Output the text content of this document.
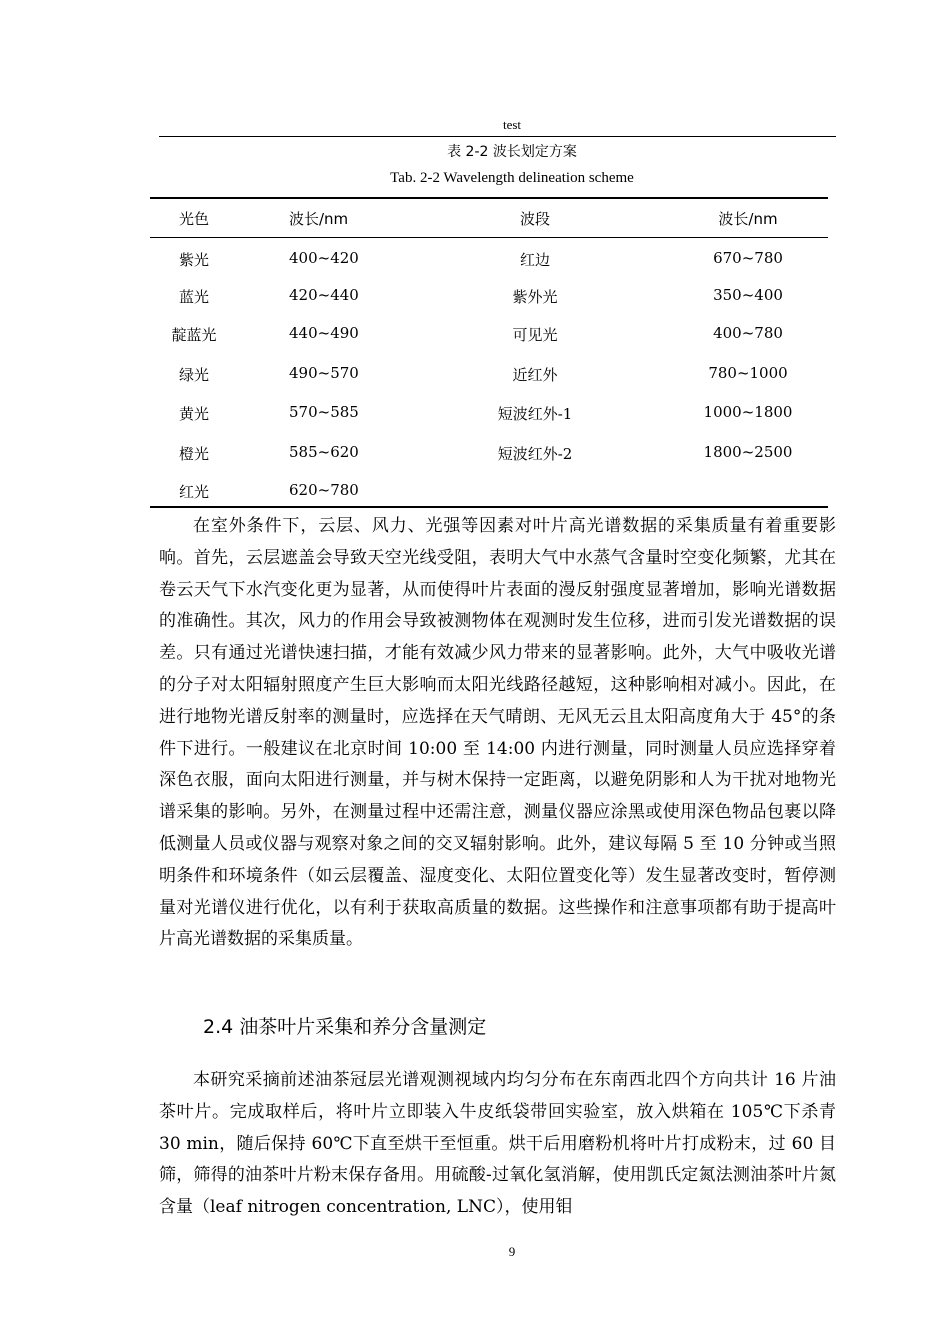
test
表 2-2 波长划定方案
Tab. 2-2 Wavelength delineation scheme
光色	波长/nm	波段	波长/nm
紫光	400~420	红边	670~780
蓝光	420~440	紫外光	350~400
靛蓝光	440~490	可见光	400~780
绿光	490~570	近红外	780~1000
黄光	570~585	短波红外-1	1000~1800
橙光	585~620	短波红外-2	1800~2500
红光	620~780

在室外条件下，云层、风力、光强等因素对叶片高光谱数据的采集质量有着重要影响。首先，云层遮盖会导致天空光线受阻，表明大气中水蒸气含量时空变化频繁，尤其在卷云天气下水汽变化更为显著，从而使得叶片表面的漫反射强度显著增加，影响光谱数据的准确性。其次，风力的作用会导致被测物体在观测时发生位移，进而引发光谱数据的误差。只有通过光谱快速扫描，才能有效减少风力带来的显著影响。此外，大气中吸收光谱的分子对太阳辐射照度产生巨大影响而太阳光线路径越短，这种影响相对减小。因此，在进行地物光谱反射率的测量时，应选择在天气晴朗、无风无云且太阳高度角大于 45°的条件下进行。一般建议在北京时间 10:00 至 14:00 内进行测量，同时测量人员应选择穿着深色衣服，面向太阳进行测量，并与树木保持一定距离，以避免阴影和人为干扰对地物光谱采集的影响。另外，在测量过程中还需注意，测量仪器应涂黑或使用深色物品包裹以降低测量人员或仪器与观察对象之间的交叉辐射影响。此外，建议每隔 5 至 10 分钟或当照明条件和环境条件（如云层覆盖、湿度变化、太阳位置变化等）发生显著改变时，暂停测量对光谱仪进行优化，以有利于获取高质量的数据。这些操作和注意事项都有助于提高叶片高光谱数据的采集质量。

2.4 油茶叶片采集和养分含量测定

本研究采摘前述油茶冠层光谱观测视域内均匀分布在东南西北四个方向共计 16 片油茶叶片。完成取样后，将叶片立即装入牛皮纸袋带回实验室，放入烘箱在 105℃下杀青 30 min，随后保持 60℃下直至烘干至恒重。烘干后用磨粉机将叶片打成粉末，过 60 目筛，筛得的油茶叶片粉末保存备用。用硫酸-过氧化氢消解，使用凯氏定氮法测油茶叶片氮含量（leaf nitrogen concentration, LNC），使用钼

9
